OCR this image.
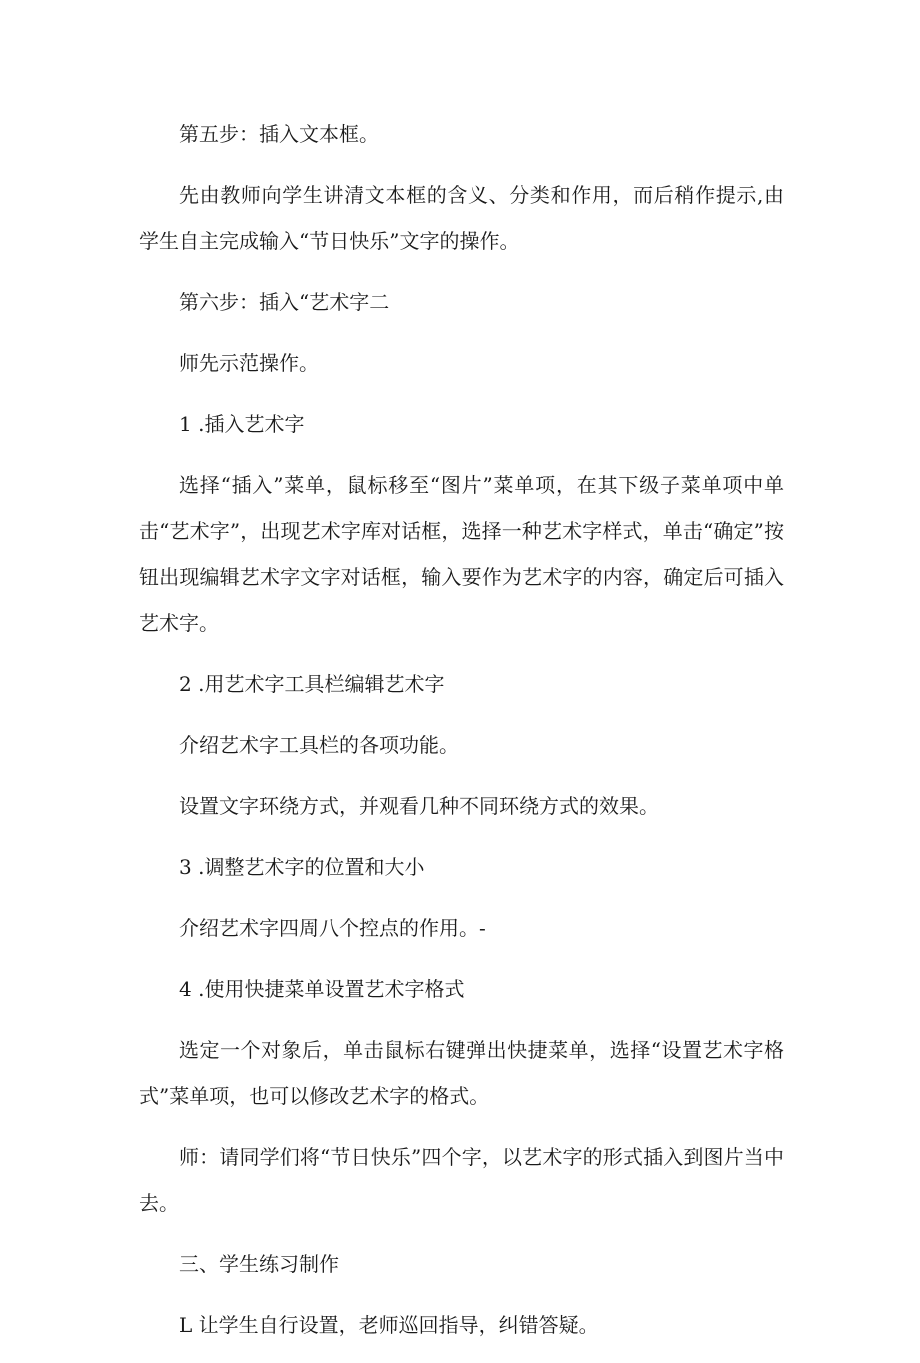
第五步：插入文本框。

先由教师向学生讲清文本框的含义、分类和作用，而后稍作提示,由学生自主完成输入“节日快乐”文字的操作。

第六步：插入“艺术字二

师先示范操作。

1 .插入艺术字

选择“插入”菜单，鼠标移至“图片”菜单项，在其下级子菜单项中单击“艺术字”，出现艺术字库对话框，选择一种艺术字样式，单击“确定”按钮出现编辑艺术字文字对话框，输入要作为艺术字的内容，确定后可插入艺术字。

2 .用艺术字工具栏编辑艺术字

介绍艺术字工具栏的各项功能。

设置文字环绕方式，并观看几种不同环绕方式的效果。

3 .调整艺术字的位置和大小

介绍艺术字四周八个控点的作用。-

4 .使用快捷菜单设置艺术字格式

选定一个对象后，单击鼠标右键弹出快捷菜单，选择“设置艺术字格式”菜单项，也可以修改艺术字的格式。

师：请同学们将“节日快乐”四个字，以艺术字的形式插入到图片当中去。

三、学生练习制作

L 让学生自行设置，老师巡回指导，纠错答疑。
